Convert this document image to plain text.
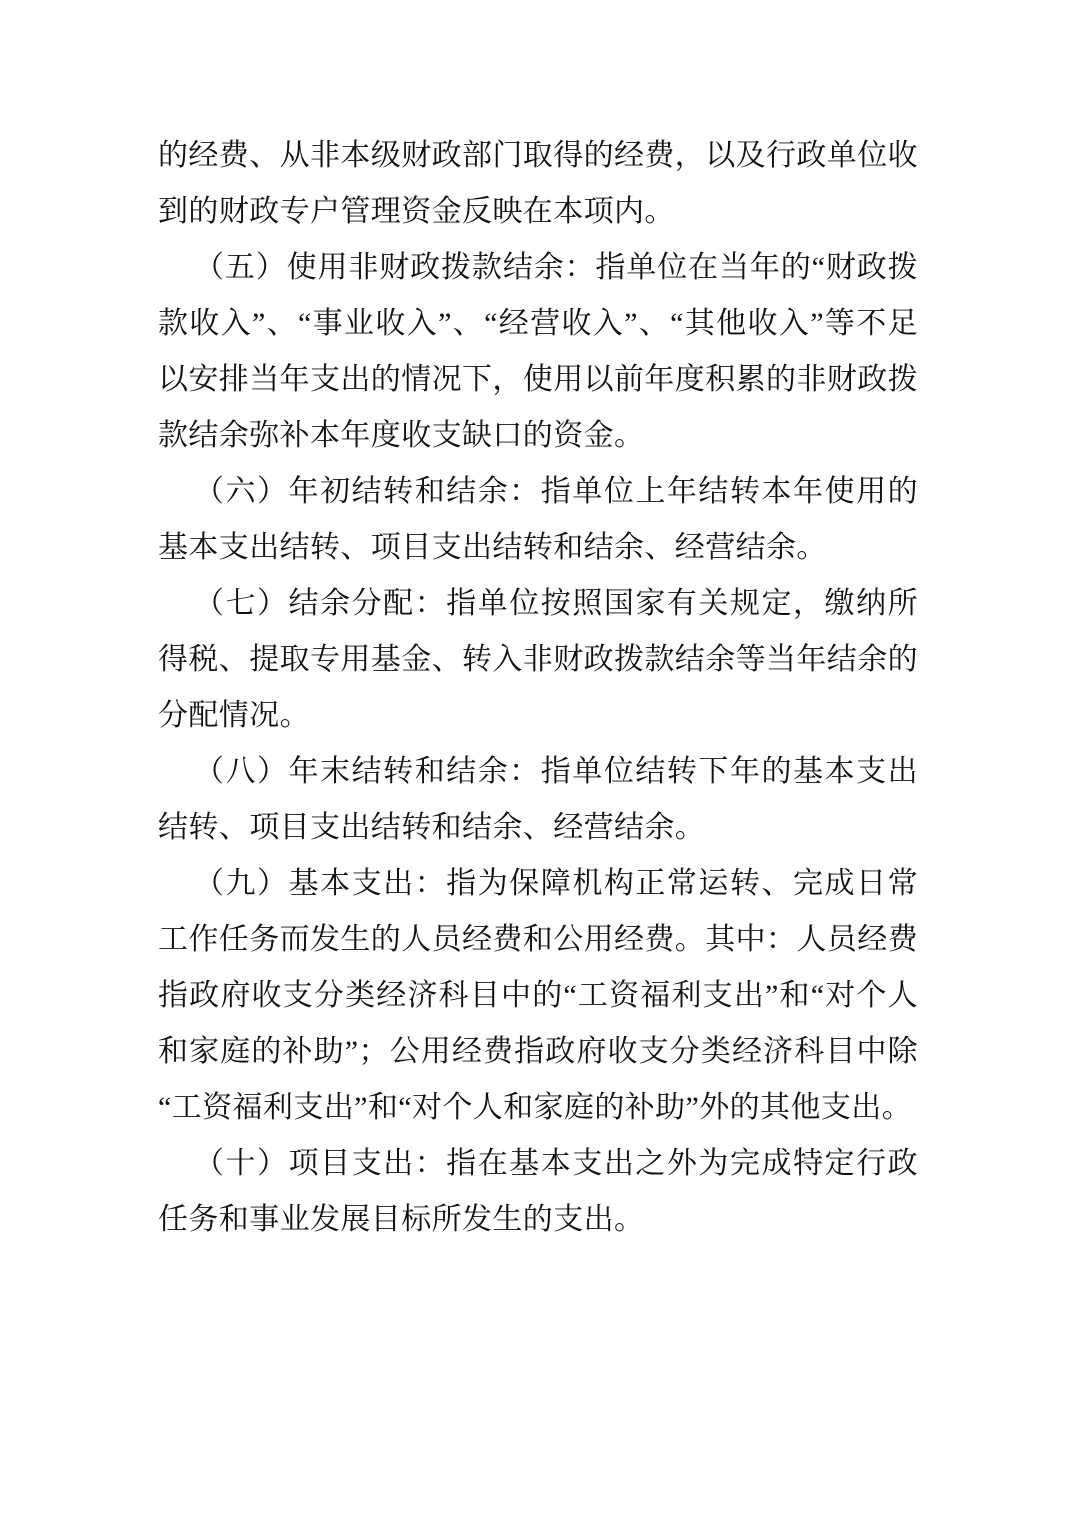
的经费、从非本级财政部门取得的经费，以及行政单位收到的财政专户管理资金反映在本项内。

（五）使用非财政拨款结余：指单位在当年的“财政拨款收入”、“事业收入”、“经营收入”、“其他收入”等不足以安排当年支出的情况下，使用以前年度积累的非财政拨款结余弥补本年度收支缺口的资金。

（六）年初结转和结余：指单位上年结转本年使用的基本支出结转、项目支出结转和结余、经营结余。

（七）结余分配：指单位按照国家有关规定，缴纳所得税、提取专用基金、转入非财政拨款结余等当年结余的分配情况。

（八）年末结转和结余：指单位结转下年的基本支出结转、项目支出结转和结余、经营结余。

（九）基本支出：指为保障机构正常运转、完成日常工作任务而发生的人员经费和公用经费。其中：人员经费指政府收支分类经济科目中的“工资福利支出”和“对个人和家庭的补助”；公用经费指政府收支分类经济科目中除“工资福利支出”和“对个人和家庭的补助”外的其他支出。

（十）项目支出：指在基本支出之外为完成特定行政任务和事业发展目标所发生的支出。
